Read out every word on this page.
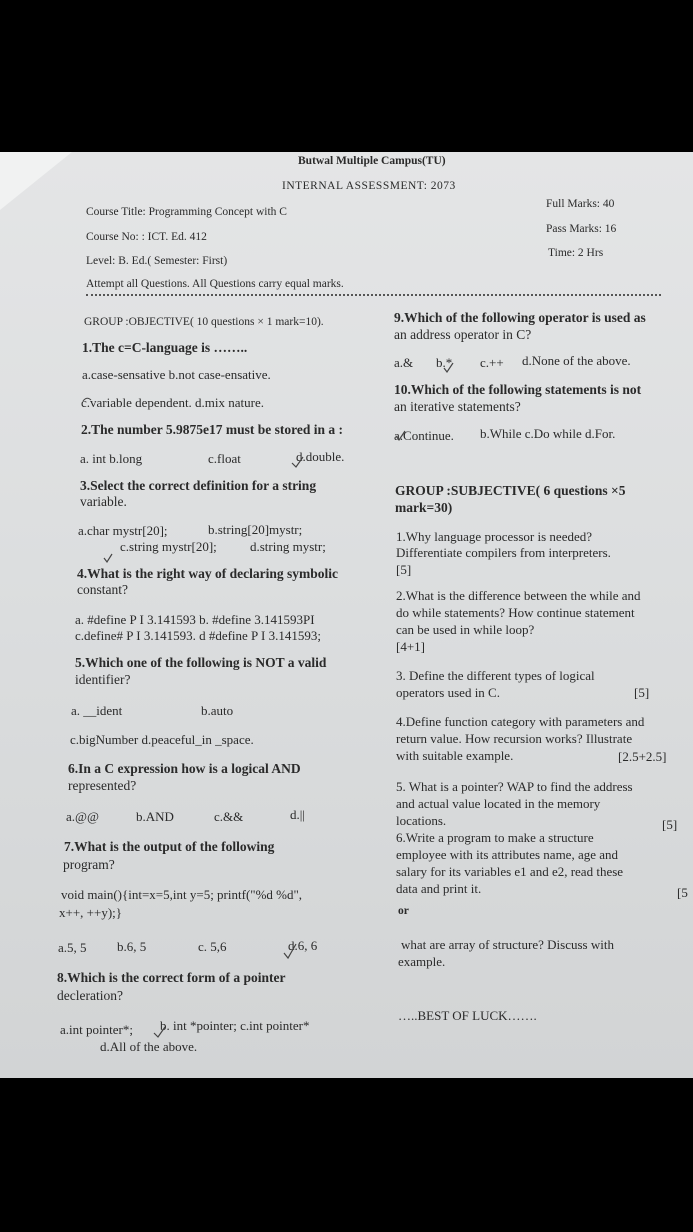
Butwal Multiple Campus(TU)
INTERNAL ASSESSMENT: 2073
Course Title: Programming Concept with C
Full Marks: 40
Course No: : ICT. Ed. 412
Pass Marks: 16
Level: B. Ed.( Semester: First)
Time: 2 Hrs
Attempt all Questions. All Questions carry equal marks.
GROUP :OBJECTIVE( 10 questions × 1 mark=10).
1.The c=C-language is ……..
a.case-sensative b.not case-ensative.
c.variable dependent. d.mix nature.
2.The number 5.9875e17 must be stored in a :
a. int b.long	c.float	d.double.
3.Select the correct definition for a string
variable.
a.char mystr[20];	b.string[20]mystr;
c.string mystr[20];	d.string mystr;
4.What is the right way of declaring symbolic
constant?
a. #define P I 3.141593 b. #define 3.141593PI
c.define# P I 3.141593. d #define P I 3.141593;
5.Which one of the following is NOT a valid
identifier?
a. __ident	b.auto
c.bigNumber d.peaceful_in _space.
6.In a C expression how is a logical AND
represented?
a.@@	b.AND	c.&&	d.||
7.What is the output of the following
program?
void main(){int=x=5,int y=5; printf("%d %d",
x++, ++y);}
a.5, 5 b.6, 5	c. 5,6	d.6, 6
8.Which is the correct form of a pointer
decleration?
a.int pointer*; b. int *pointer; c.int pointer*
d.All of the above.
9.Which of the following operator is used as
an address operator in C?
a.& b.* c.++ d.None of the above.
10.Which of the following statements is not
an iterative statements?
a.Continue. b.While c.Do while d.For.
GROUP :SUBJECTIVE( 6 questions ×5
mark=30)
1.Why language processor is needed?
Differentiate compilers from interpreters.
[5]
2.What is the difference between the while and
do while statements? How continue statement
can be used in while loop?
[4+1]
3. Define the different types of logical
operators used in C.	[5]
4.Define function category with parameters and
return value. How recursion works? Illustrate
with suitable example.	[2.5+2.5]
5. What is a pointer? WAP to find the address
and actual value located in the memory
locations.	[5]
6.Write a program to make a structure
employee with its attributes name, age and
salary for its variables e1 and e2, read these
data and print it.	[5
or
what are array of structure? Discuss with
example.
…..BEST OF LUCK…….
